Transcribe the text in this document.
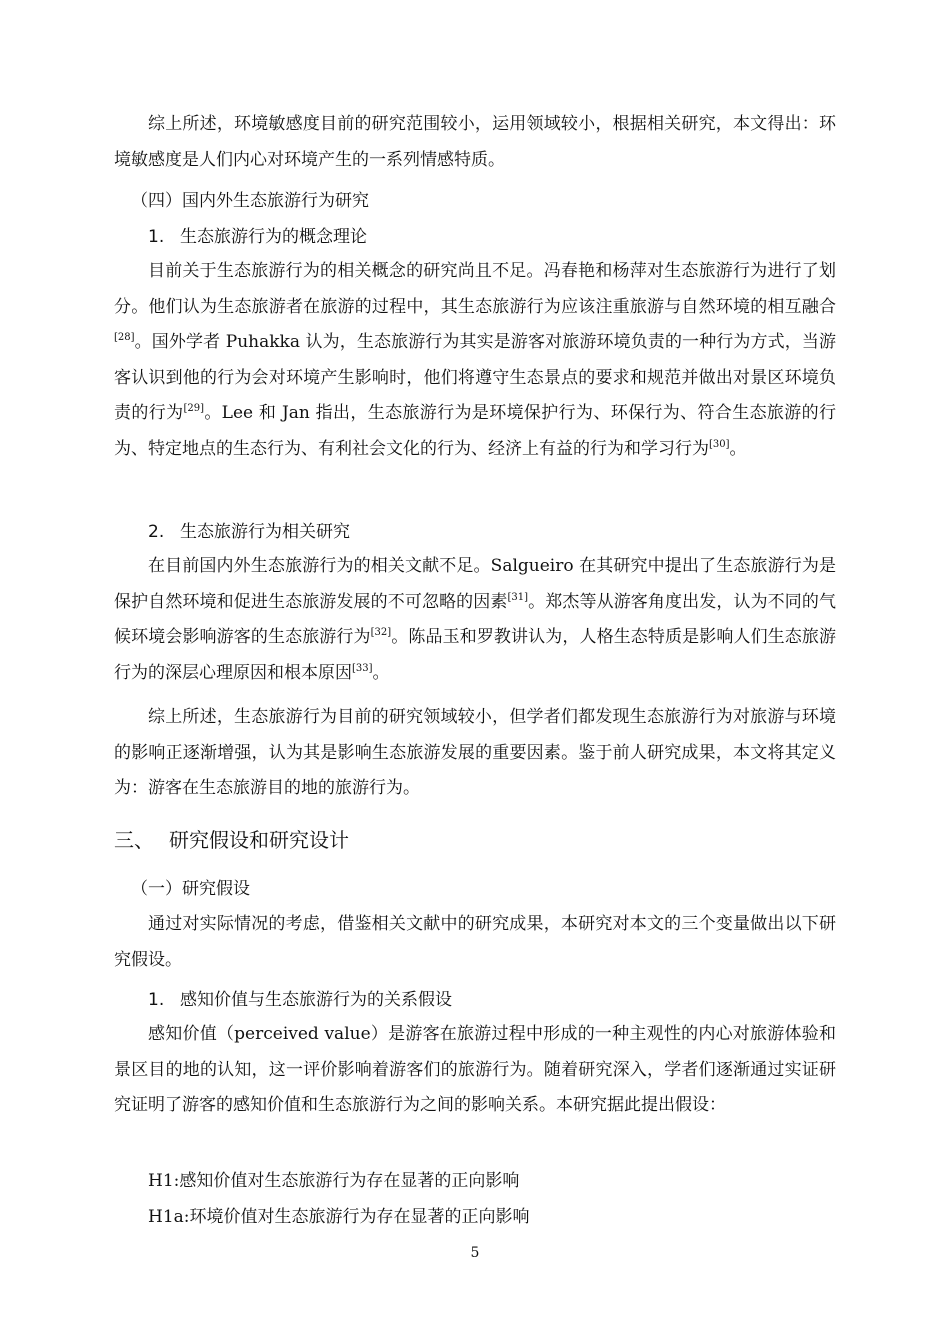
综上所述，环境敏感度目前的研究范围较小，运用领域较小，根据相关研究，本文得出：环境敏感度是人们内心对环境产生的一系列情感特质。

（四）国内外生态旅游行为研究
1. 生态旅游行为的概念理论

目前关于生态旅游行为的相关概念的研究尚且不足。冯春艳和杨萍对生态旅游行为进行了划分。他们认为生态旅游者在旅游的过程中，其生态旅游行为应该注重旅游与自然环境的相互融合[28]。国外学者 Puhakka 认为，生态旅游行为其实是游客对旅游环境负责的一种行为方式，当游客认识到他的行为会对环境产生影响时，他们将遵守生态景点的要求和规范并做出对景区环境负责的行为[29]。Lee 和 Jan 指出，生态旅游行为是环境保护行为、环保行为、符合生态旅游的行为、特定地点的生态行为、有利社会文化的行为、经济上有益的行为和学习行为[30]。

2. 生态旅游行为相关研究

在目前国内外生态旅游行为的相关文献不足。Salgueiro 在其研究中提出了生态旅游行为是保护自然环境和促进生态旅游发展的不可忽略的因素[31]。郑杰等从游客角度出发，认为不同的气候环境会影响游客的生态旅游行为[32]。陈品玉和罗教讲认为，人格生态特质是影响人们生态旅游行为的深层心理原因和根本原因[33]。

综上所述，生态旅游行为目前的研究领域较小，但学者们都发现生态旅游行为对旅游与环境的影响正逐渐增强，认为其是影响生态旅游发展的重要因素。鉴于前人研究成果，本文将其定义为：游客在生态旅游目的地的旅游行为。

三、 研究假设和研究设计
（一）研究假设

通过对实际情况的考虑，借鉴相关文献中的研究成果，本研究对本文的三个变量做出以下研究假设。

1. 感知价值与生态旅游行为的关系假设

感知价值（perceived value）是游客在旅游过程中形成的一种主观性的内心对旅游体验和景区目的地的认知，这一评价影响着游客们的旅游行为。随着研究深入，学者们逐渐通过实证研究证明了游客的感知价值和生态旅游行为之间的影响关系。本研究据此提出假设：

H1:感知价值对生态旅游行为存在显著的正向影响
H1a:环境价值对生态旅游行为存在显著的正向影响
5
